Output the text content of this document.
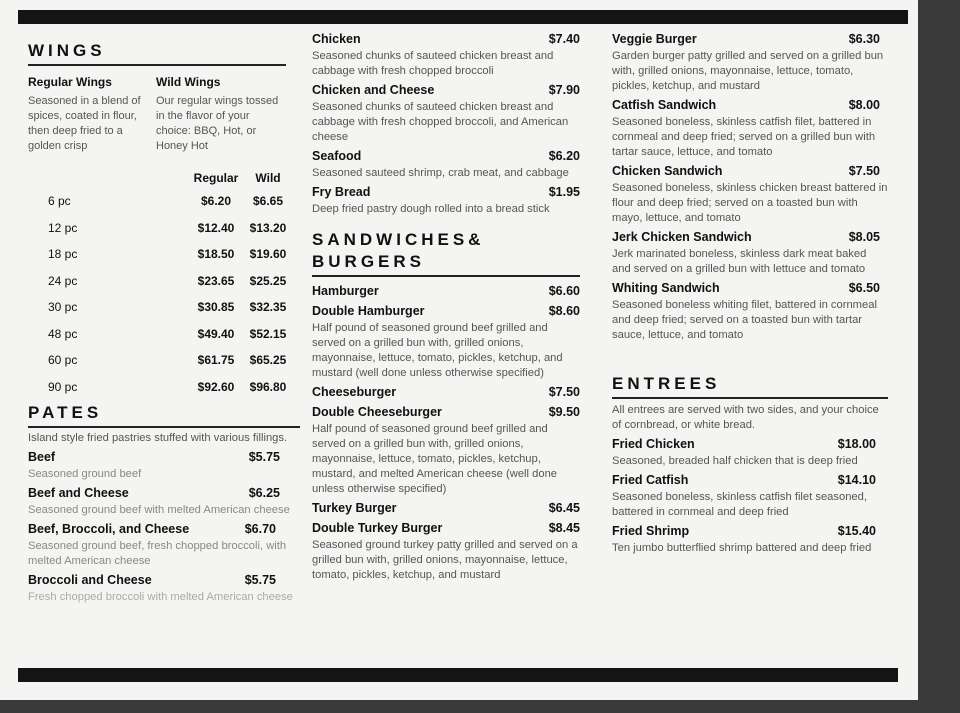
WINGS
Regular Wings
Seasoned in a blend of spices, coated in flour, then deep fried to a golden crisp
Wild Wings
Our regular wings tossed in the flavor of your choice: BBQ, Hot, or Honey Hot
Regular	Wild
6 pc	$6.20	$6.65
12 pc	$12.40	$13.20
18 pc	$18.50	$19.60
24 pc	$23.65	$25.25
30 pc	$30.85	$32.35
48 pc	$49.40	$52.15
60 pc	$61.75	$65.25
90 pc	$92.60	$96.80
PATES
Island style fried pastries stuffed with various fillings.
Beef	$5.75
Seasoned ground beef
Beef and Cheese	$6.25
Seasoned ground beef with melted American cheese
Beef, Broccoli, and Cheese	$6.70
Seasoned ground beef, fresh chopped broccoli, with melted American cheese
Broccoli and Cheese	$5.75
Fresh chopped broccoli with melted American cheese
Chicken	$7.40
Seasoned chunks of sauteed chicken breast and cabbage with fresh chopped broccoli
Chicken and Cheese	$7.90
Seasoned chunks of sauteed chicken breast and cabbage with fresh chopped broccoli, and American cheese
Seafood	$6.20
Seasoned sauteed shrimp, crab meat, and cabbage
Fry Bread	$1.95
Deep fried pastry dough rolled into a bread stick
SANDWICHES&
BURGERS
Hamburger	$6.60
Double Hamburger	$8.60
Half pound of seasoned ground beef grilled and served on a grilled bun with, grilled onions, mayonnaise, lettuce, tomato, pickles, ketchup, and mustard (well done unless otherwise specified)
Cheeseburger	$7.50
Double Cheeseburger	$9.50
Half pound of seasoned ground beef grilled and served on a grilled bun with, grilled onions, mayonnaise, lettuce, tomato, pickles, ketchup, mustard, and melted American cheese (well done unless otherwise specified)
Turkey Burger	$6.45
Double Turkey Burger	$8.45
Seasoned ground turkey patty grilled and served on a grilled bun with, grilled onions, mayonnaise, lettuce, tomato, pickles, ketchup, and mustard
Veggie Burger	$6.30
Garden burger patty grilled and served on a grilled bun with, grilled onions, mayonnaise, lettuce, tomato, pickles, ketchup, and mustard
Catfish Sandwich	$8.00
Seasoned boneless, skinless catfish filet, battered in cornmeal and deep fried; served on a grilled bun with tartar sauce, lettuce, and tomato
Chicken Sandwich	$7.50
Seasoned boneless, skinless chicken breast battered in flour and deep fried; served on a toasted bun with mayo, lettuce, and tomato
Jerk Chicken Sandwich	$8.05
Jerk marinated boneless, skinless dark meat baked and served on a grilled bun with lettuce and tomato
Whiting Sandwich	$6.50
Seasoned boneless whiting filet, battered in cornmeal and deep fried; served on a toasted bun with tartar sauce, lettuce, and tomato
ENTREES
All entrees are served with two sides, and your choice of cornbread, or white bread.
Fried Chicken	$18.00
Seasoned, breaded half chicken that is deep fried
Fried Catfish	$14.10
Seasoned boneless, skinless catfish filet seasoned, battered in cornmeal and deep fried
Fried Shrimp	$15.40
Ten jumbo butterflied shrimp battered and deep fried
